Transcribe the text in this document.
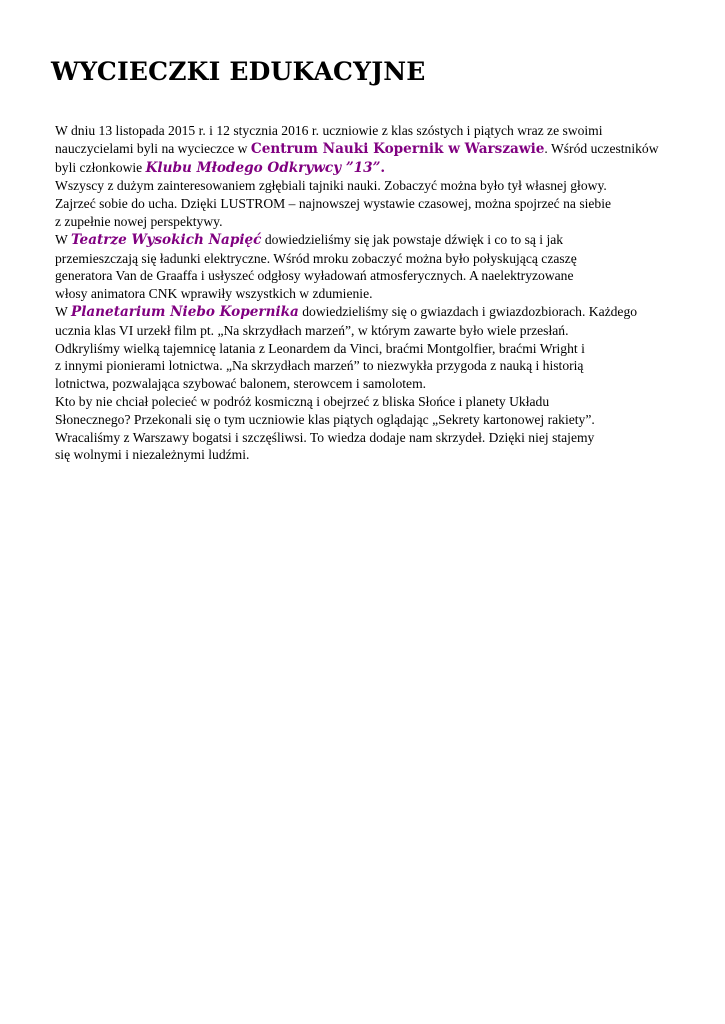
WYCIECZKI EDUKACYJNE
W dniu 13 listopada 2015 r. i 12 stycznia 2016 r. uczniowie z klas szóstych i piątych wraz ze swoimi
nauczycielami byli na wycieczce w Centrum Nauki Kopernik w Warszawie. Wśród uczestników
byli członkowie Klubu Młodego Odkrywcy ”13”.
Wszyscy z dużym zainteresowaniem zgłębiali tajniki nauki. Zobaczyć można było tył własnej głowy.
Zajrzeć sobie do ucha. Dzięki LUSTROM – najnowszej wystawie czasowej, można spojrzeć na siebie
z zupełnie nowej perspektywy.
W Teatrze Wysokich Napięć dowiedzieliśmy się jak powstaje dźwięk i co to są i jak
przemieszczają się ładunki elektryczne. Wśród mroku zobaczyć można było połyskującą czaszę
generatora Van de Graaffa i usłyszeć odgłosy wyładowań atmosferycznych. A naelektryzowane
włosy animatora CNK wprawiły wszystkich w zdumienie.
W Planetarium Niebo Kopernika dowiedzieliśmy się o gwiazdach i gwiazdozbiorach. Każdego
ucznia klas VI urzekł film pt. „Na skrzydłach marzeń”, w którym zawarte było wiele przesłań.
Odkryliśmy wielką tajemnicę latania z Leonardem da Vinci, braćmi Montgolfier, braćmi Wright i
z innymi pionierami lotnictwa. „Na skrzydłach marzeń” to niezwykła przygoda z nauką i historią
lotnictwa, pozwalająca szybować balonem, sterowcem i samolotem.
Kto by nie chciał polecieć w podróż kosmiczną i obejrzeć z bliska Słońce i planety Układu
Słonecznego? Przekonali się o tym uczniowie klas piątych oglądając „Sekrety kartonowej rakiety”.
Wracaliśmy z Warszawy bogatsi i szczęśliwsi. To wiedza dodaje nam skrzydeł. Dzięki niej stajemy
się wolnymi i niezależnymi ludźmi.
